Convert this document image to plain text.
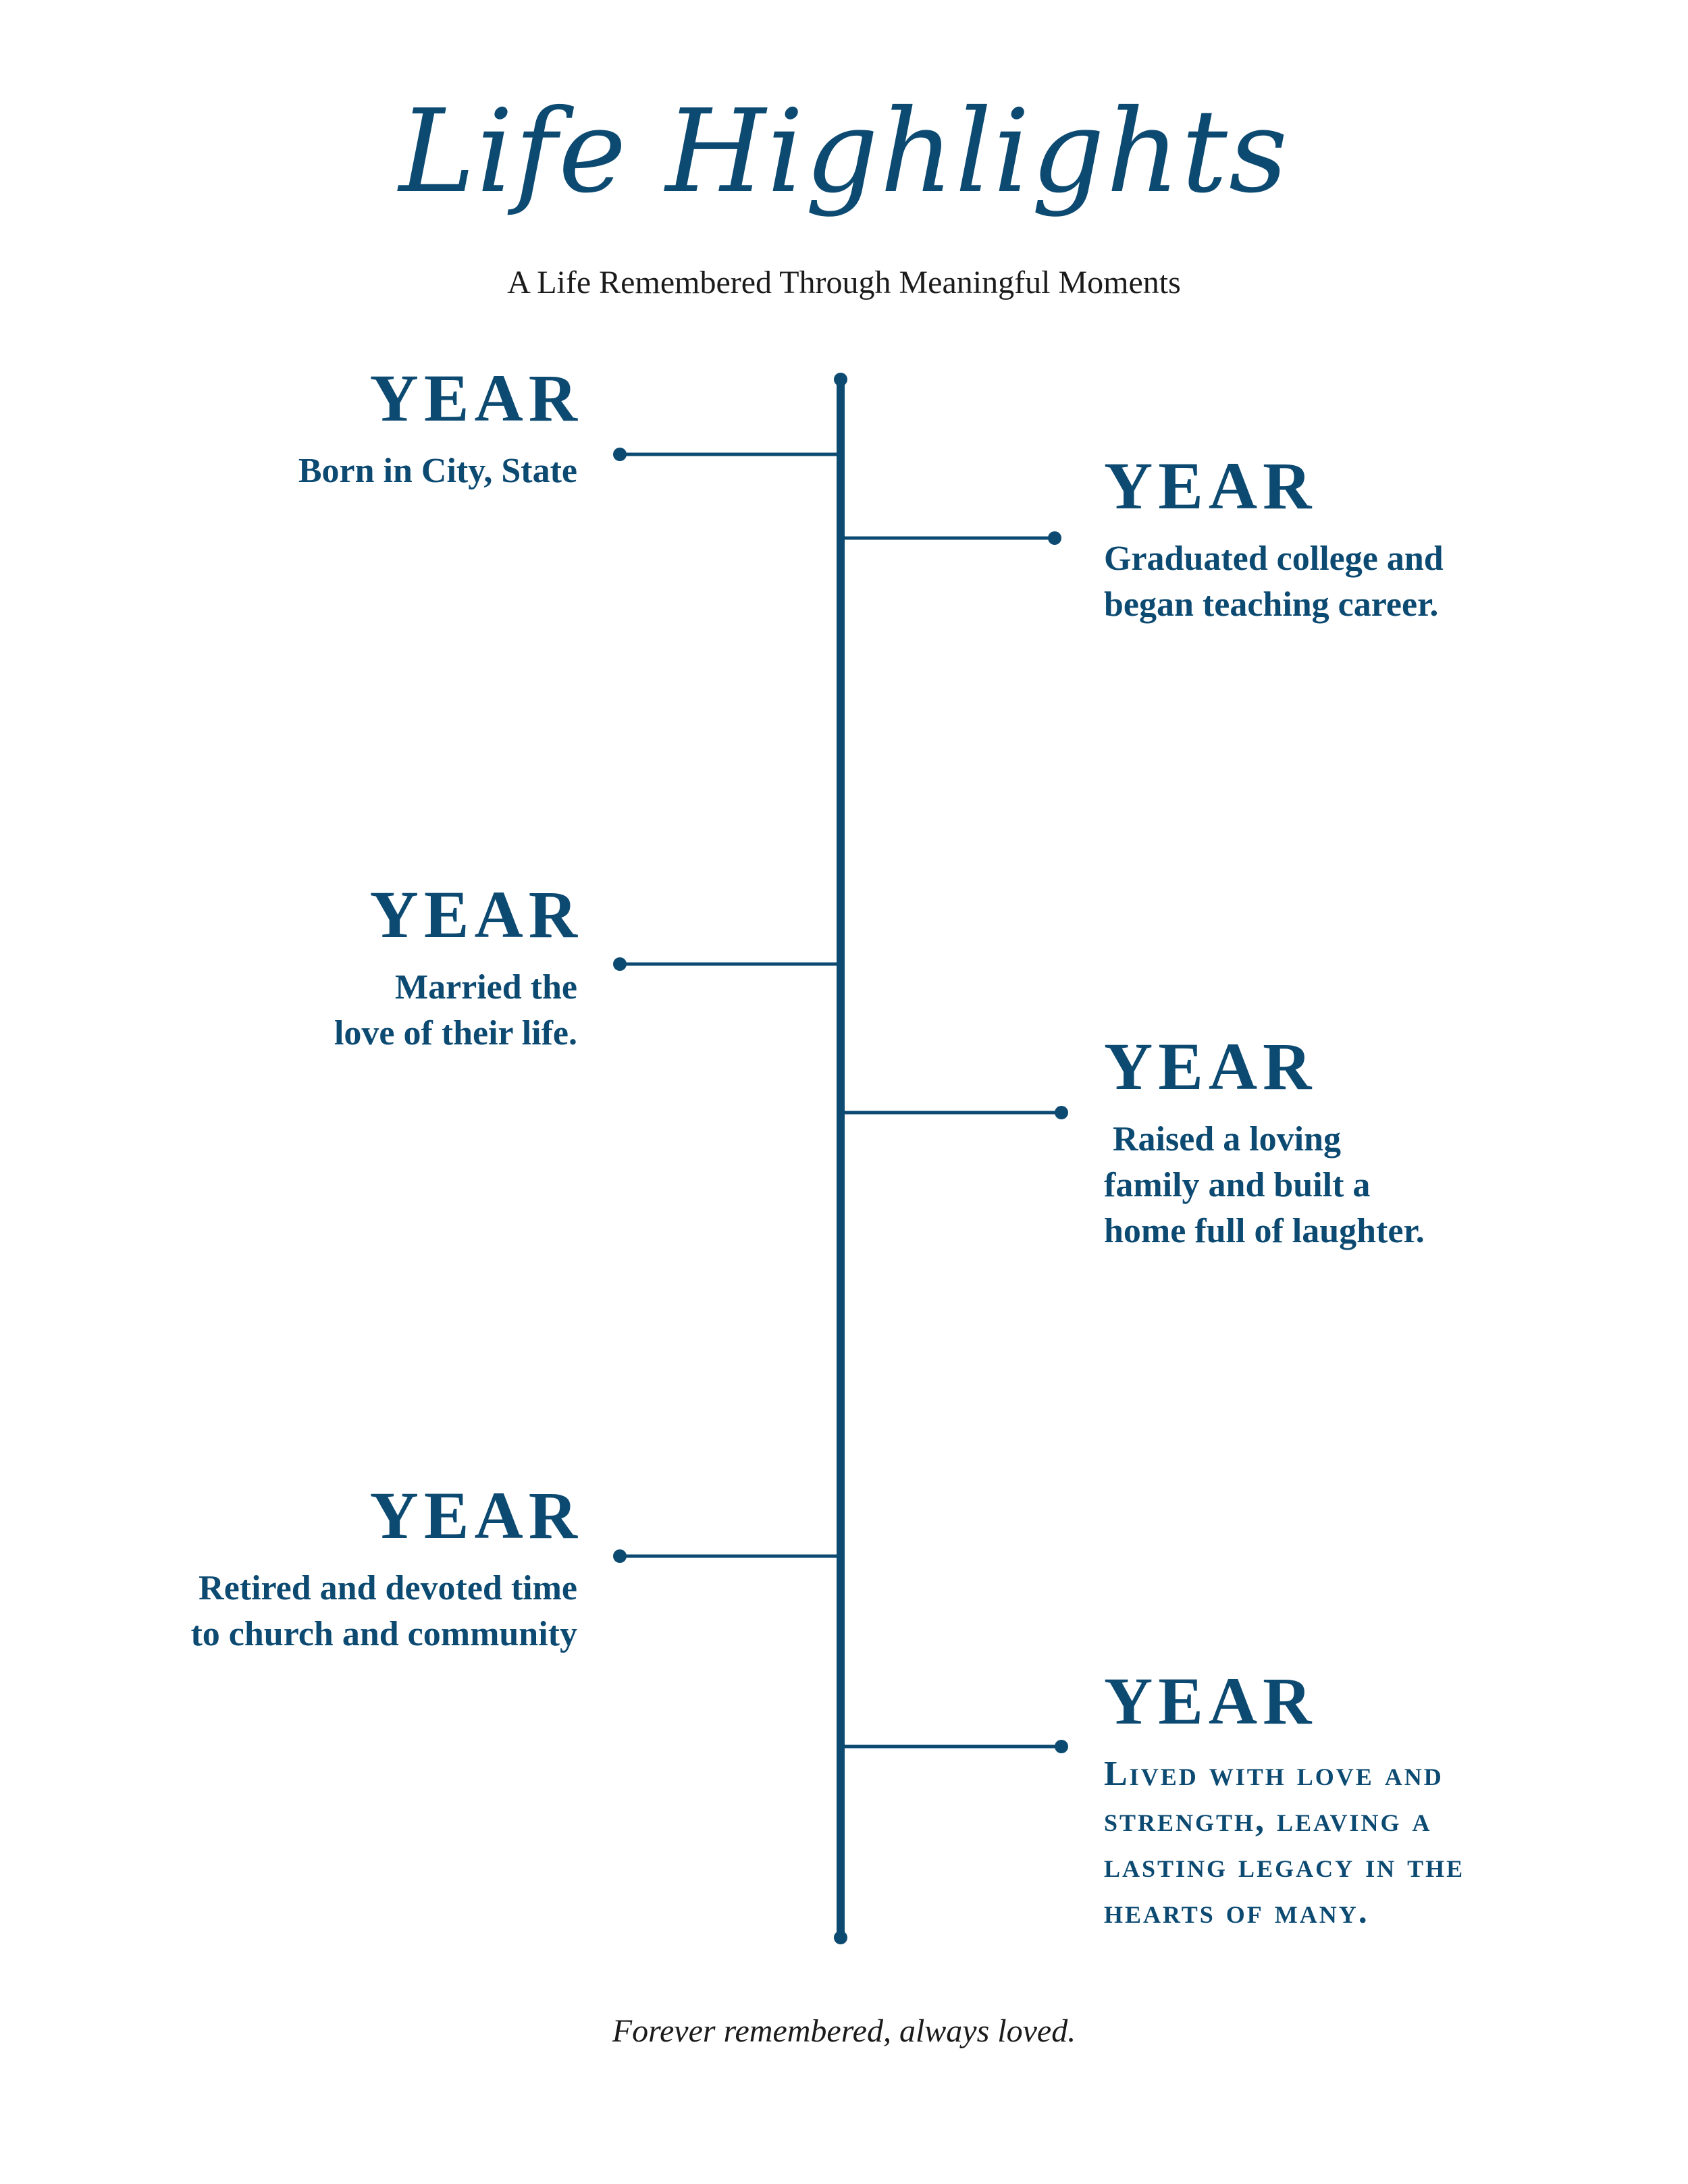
Life Highlights
A Life Remembered Through Meaningful Moments
YEAR
Born in City, State	YEAR
Graduated college and
began teaching career.
YEAR
Married the
love of their life.	YEAR
Raised a loving
family and built a
home full of laughter.
YEAR
Retired and devoted time
to church and community
YEAR
Lived with love and
strength, leaving a
lasting legacy in the
hearts of many.
Forever remembered, always loved.
